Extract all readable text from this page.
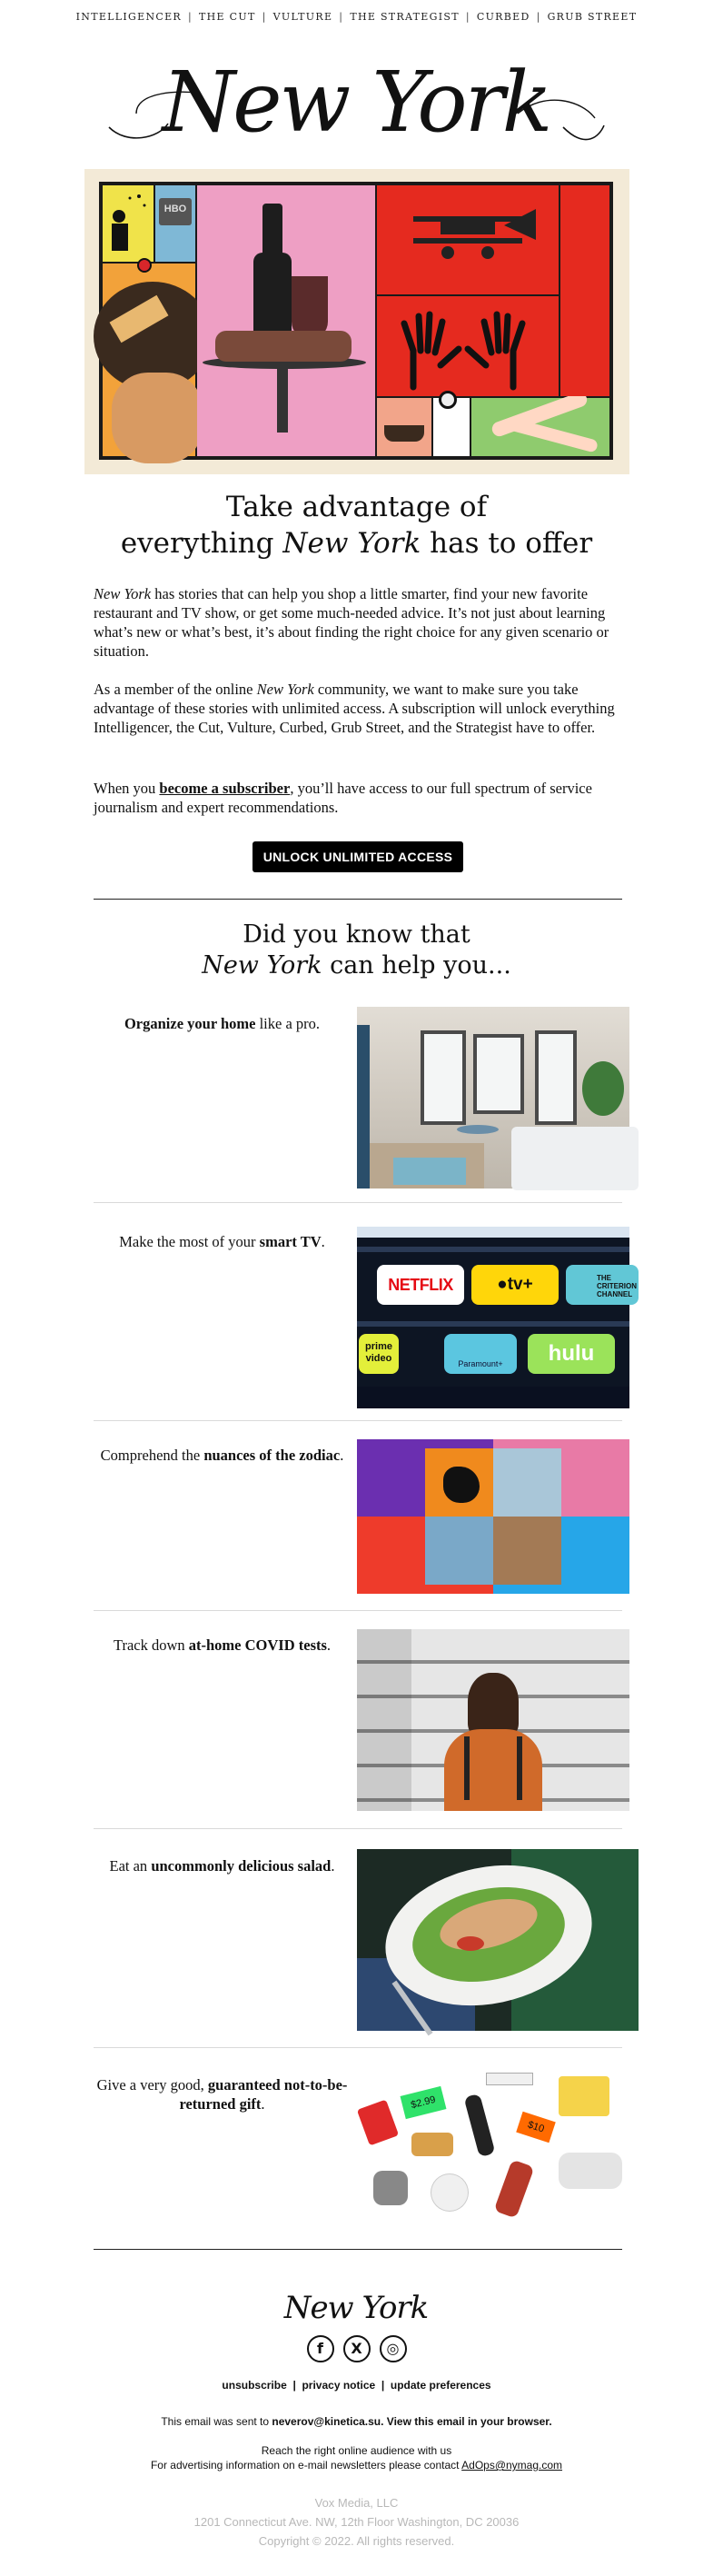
INTELLIGENCER | THE CUT | VULTURE | THE STRATEGIST | CURBED | GRUB STREET
New York
HBO
Take advantage of
everything New York has to offer
New York has stories that can help you shop a little smarter, find your new favorite restaurant and TV show, or get some much-needed advice. It’s not just about learning what’s new or what’s best, it’s about finding the right choice for any given scenario or situation.
As a member of the online New York community, we want to make sure you take advantage of these stories with unlimited access. A subscription will unlock everything Intelligencer, the Cut, Vulture, Curbed, Grub Street, and the Strategist have to offer.
When you become a subscriber, you’ll have access to our full spectrum of service journalism and expert recommendations.
UNLOCK UNLIMITED ACCESS
Did you know that
New York can help you...
Organize your home like a pro.
Make the most of your smart TV.
NETFLIX	●tv+	THE CRITERION CHANNEL
prime video	Paramount+	hulu
Comprehend the nuances of the zodiac.
Track down at-home COVID tests.
Eat an uncommonly delicious salad.
Give a very good, guaranteed not-to-be-returned gift.	$2.99
$10
New York
f X ◎
unsubscribe | privacy notice | update preferences
This email was sent to neverov@kinetica.su. View this email in your browser.
Reach the right online audience with us
For advertising information on e-mail newsletters please contact AdOps@nymag.com
Vox Media, LLC
1201 Connecticut Ave. NW, 12th Floor Washington, DC 20036
Copyright © 2022. All rights reserved.
